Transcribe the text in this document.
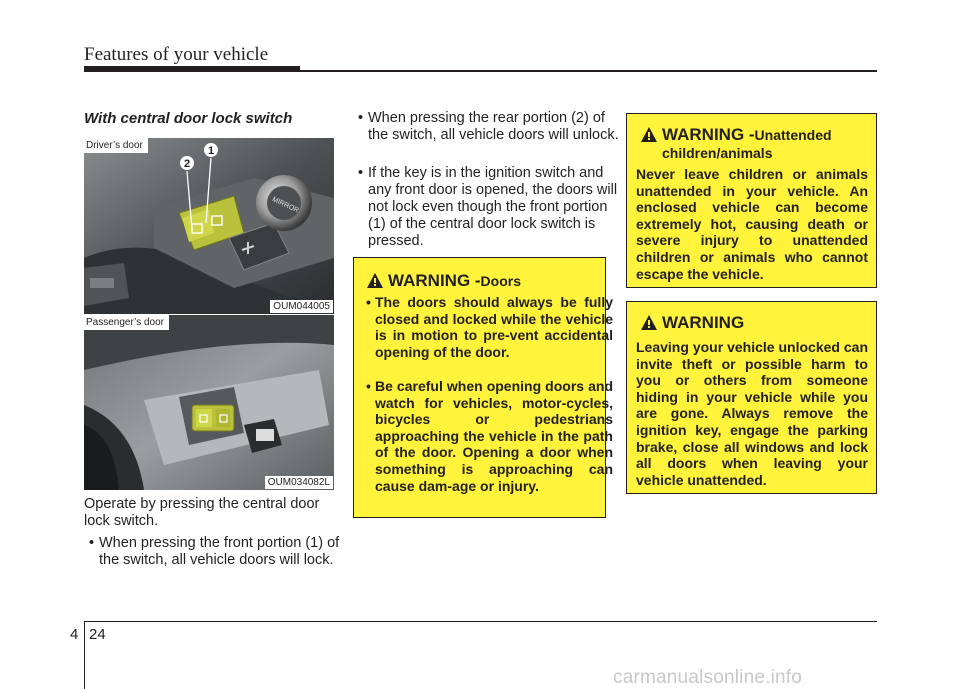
Features of your vehicle
With central door lock switch
MIRROR
1
2
Driver’s door
OUM044005
Passenger’s door
OUM034082L
Operate by pressing the central door lock switch.
• When pressing the front portion (1) of the switch, all vehicle doors will lock.
• When pressing the rear portion (2) of the switch, all vehicle doors will unlock.
• If the key is in the ignition switch and any front door is opened, the doors will not lock even though the front portion (1) of the central door lock switch is pressed.
WARNING - Doors
• The doors should always be fully closed and locked while the vehicle is in motion to pre-vent accidental opening of the door.
• Be careful when opening doors and watch for vehicles, motor-cycles, bicycles or pedestrians approaching the vehicle in the path of the door. Opening a door when something is approaching can cause dam-age or injury.
WARNING - Unattended
children/animals
Never leave children or animals unattended in your vehicle. An enclosed vehicle can become extremely hot, causing death or severe injury to unattended children or animals who cannot escape the vehicle.
WARNING
Leaving your vehicle unlocked can invite theft or possible harm to you or others from someone hiding in your vehicle while you are gone. Always remove the ignition key, engage the parking brake, close all windows and lock all doors when leaving your vehicle unattended.
4 24
carmanualsonline.info
